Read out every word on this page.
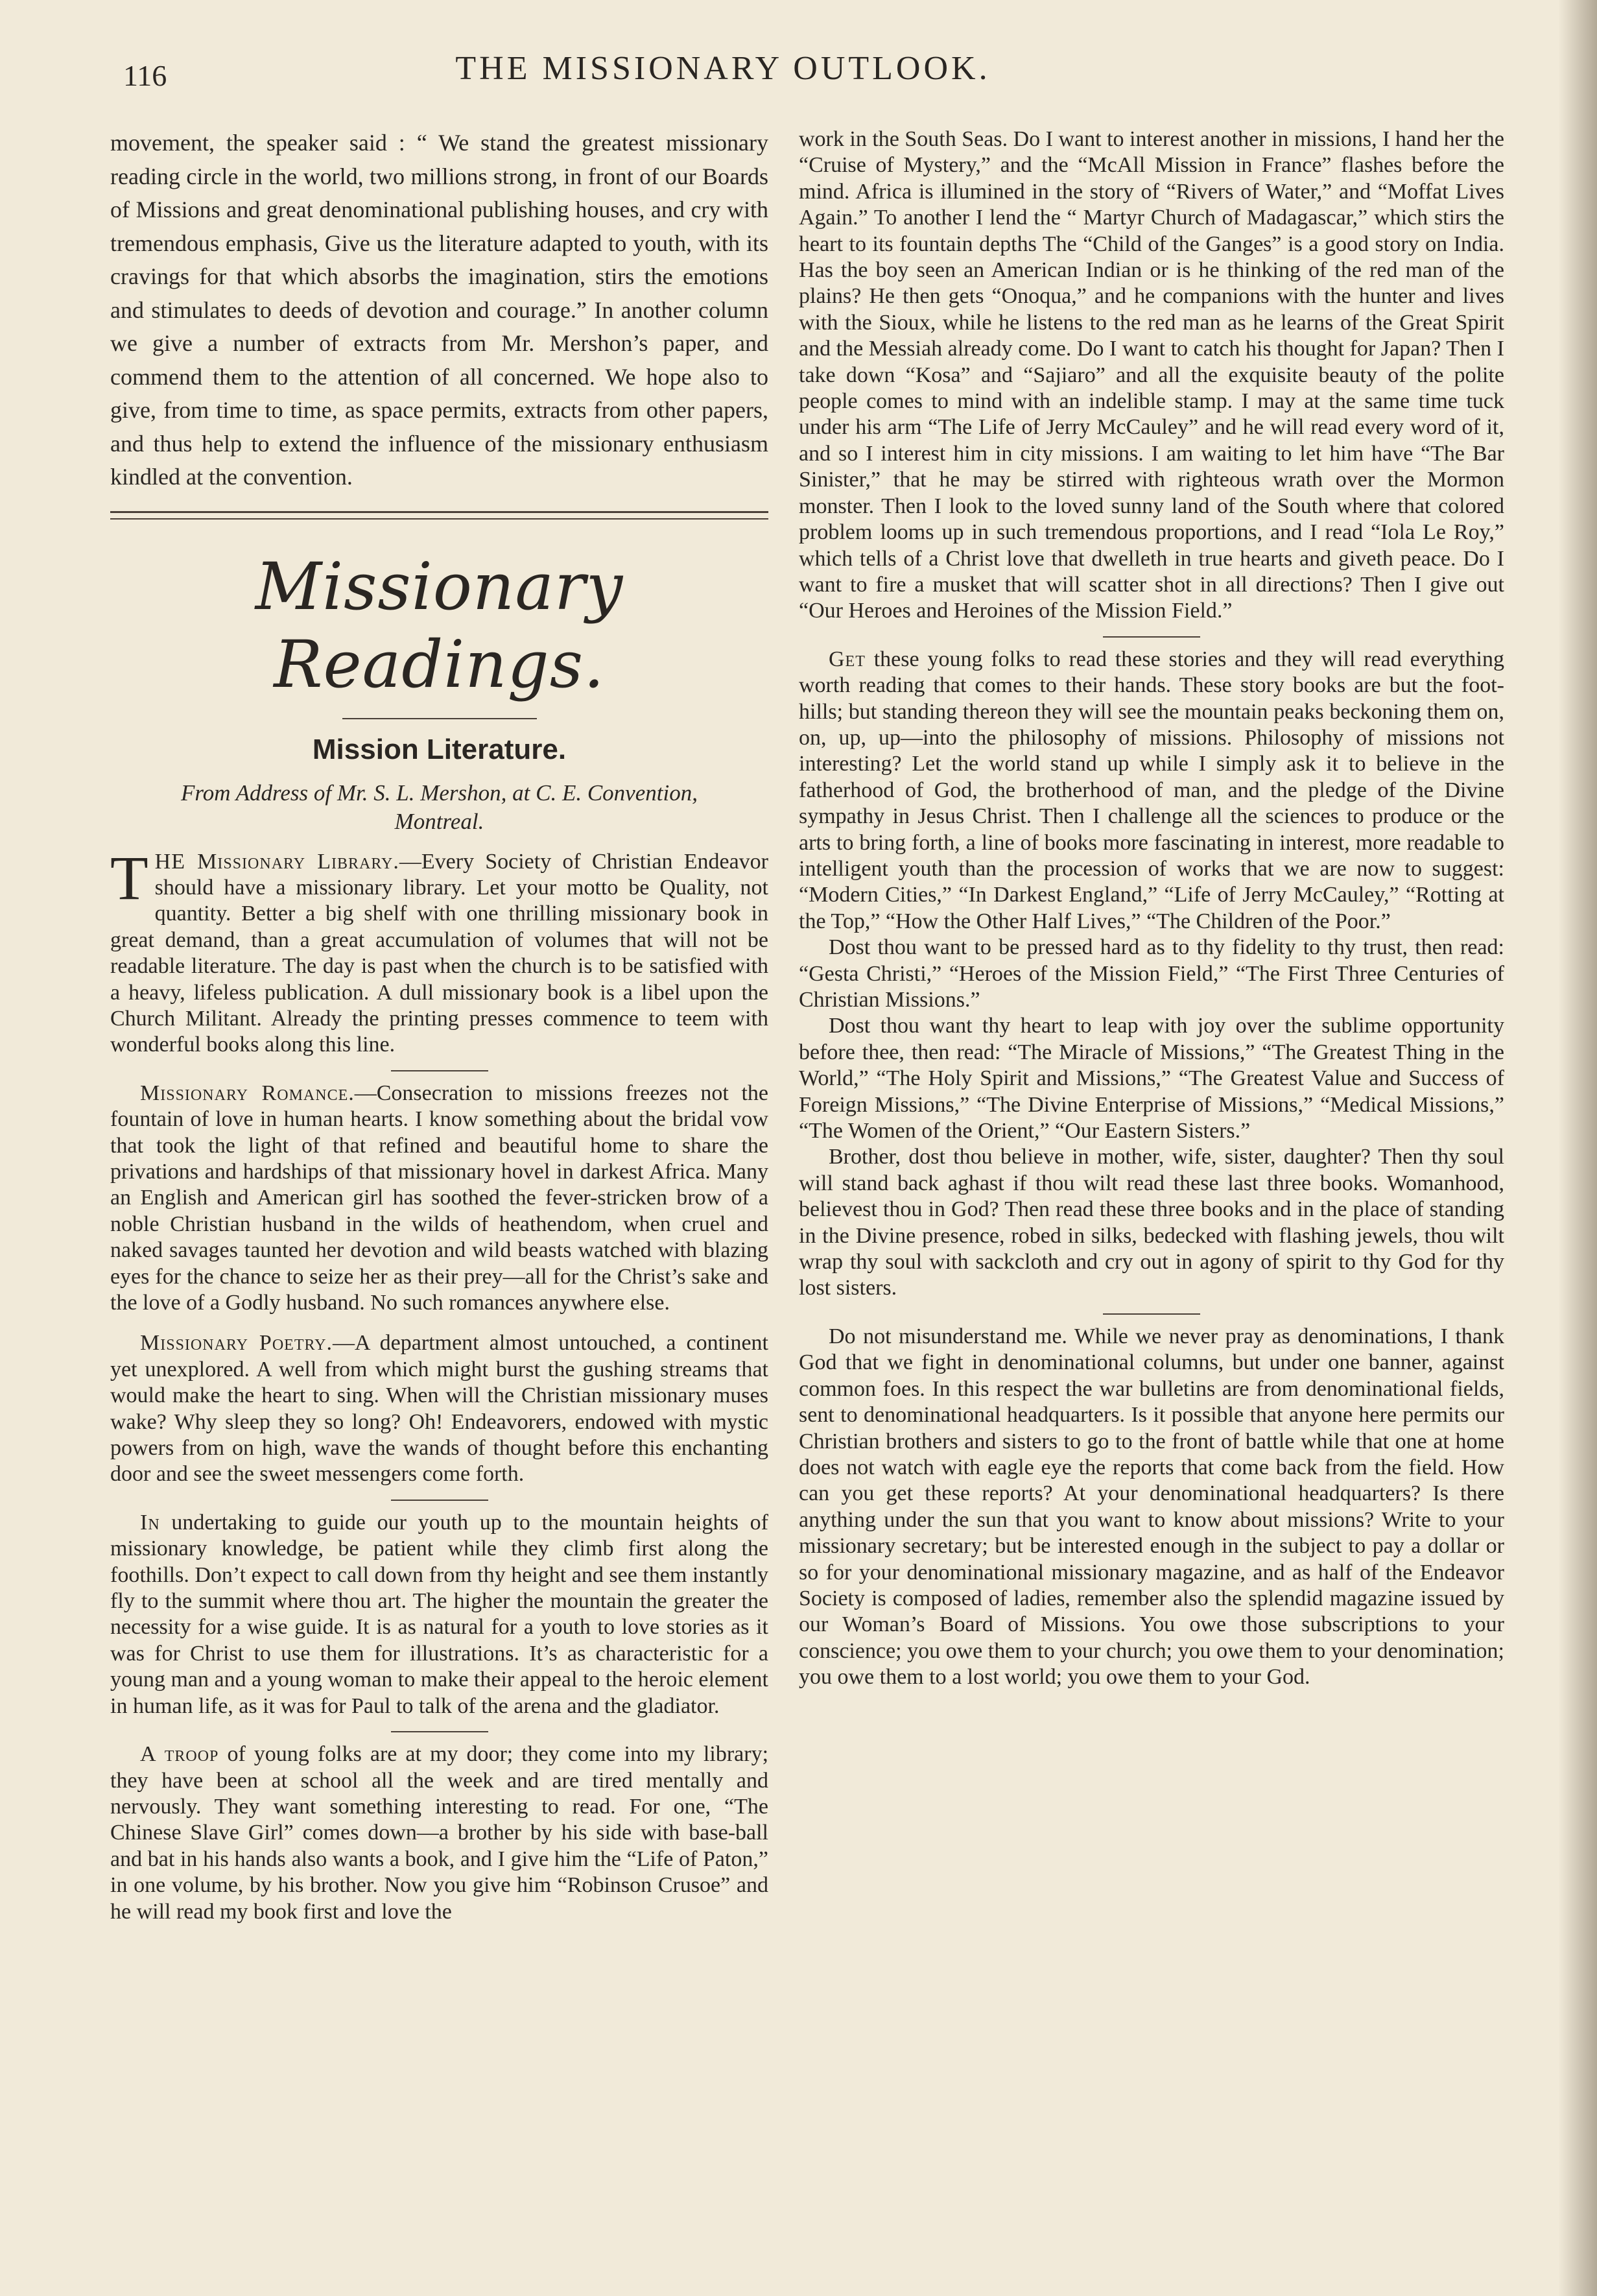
116	THE MISSIONARY OUTLOOK.

movement, the speaker said : “ We stand the greatest missionary reading circle in the world, two millions strong, in front of our Boards of Missions and great denominational publishing houses, and cry with tremendous emphasis, Give us the literature adapted to youth, with its cravings for that which absorbs the imagination, stirs the emotions and stimulates to deeds of devotion and courage.” In another column we give a number of extracts from Mr. Mershon’s paper, and commend them to the attention of all concerned. We hope also to give, from time to time, as space permits, extracts from other papers, and thus help to extend the influence of the missionary enthusiasm kindled at the convention.

Missionary Readings.
Mission Literature.
From Address of Mr. S. L. Mershon, at C. E. Convention,
Montreal.

THE Missionary Library.—Every Society of Christian Endeavor should have a missionary library. Let your motto be Quality, not quantity. Better a big shelf with one thrilling missionary book in great demand, than a great accumulation of volumes that will not be readable literature. The day is past when the church is to be satisfied with a heavy, lifeless publication. A dull missionary book is a libel upon the Church Militant. Already the printing presses commence to teem with wonderful books along this line.

Missionary Romance.—Consecration to missions freezes not the fountain of love in human hearts. I know something about the bridal vow that took the light of that refined and beautiful home to share the privations and hardships of that missionary hovel in darkest Africa. Many an English and American girl has soothed the fever-stricken brow of a noble Christian husband in the wilds of heathendom, when cruel and naked savages taunted her devotion and wild beasts watched with blazing eyes for the chance to seize her as their prey—all for the Christ’s sake and the love of a Godly husband. No such romances anywhere else.

Missionary Poetry.—A department almost untouched, a continent yet unexplored. A well from which might burst the gushing streams that would make the heart to sing. When will the Christian missionary muses wake? Why sleep they so long? Oh! Endeavorers, endowed with mystic powers from on high, wave the wands of thought before this enchanting door and see the sweet messengers come forth.

In undertaking to guide our youth up to the mountain heights of missionary knowledge, be patient while they climb first along the foothills. Don’t expect to call down from thy height and see them instantly fly to the summit where thou art. The higher the mountain the greater the necessity for a wise guide. It is as natural for a youth to love stories as it was for Christ to use them for illustrations. It’s as characteristic for a young man and a young woman to make their appeal to the heroic element in human life, as it was for Paul to talk of the arena and the gladiator.

A troop of young folks are at my door; they come into my library; they have been at school all the week and are tired mentally and nervously. They want something interesting to read. For one, “The Chinese Slave Girl” comes down—a brother by his side with base-ball and bat in his hands also wants a book, and I give him the “Life of Paton,” in one volume, by his brother. Now you give him “Robinson Crusoe” and he will read my book first and love the

work in the South Seas. Do I want to interest another in missions, I hand her the “Cruise of Mystery,” and the “McAll Mission in France” flashes before the mind. Africa is illumined in the story of “Rivers of Water,” and “Moffat Lives Again.” To another I lend the “ Martyr Church of Madagascar,” which stirs the heart to its fountain depths The “Child of the Ganges” is a good story on India. Has the boy seen an American Indian or is he thinking of the red man of the plains? He then gets “Onoqua,” and he companions with the hunter and lives with the Sioux, while he listens to the red man as he learns of the Great Spirit and the Messiah already come. Do I want to catch his thought for Japan? Then I take down “Kosa” and “Sajiaro” and all the exquisite beauty of the polite people comes to mind with an indelible stamp. I may at the same time tuck under his arm “The Life of Jerry McCauley” and he will read every word of it, and so I interest him in city missions. I am waiting to let him have “The Bar Sinister,” that he may be stirred with righteous wrath over the Mormon monster. Then I look to the loved sunny land of the South where that colored problem looms up in such tremendous proportions, and I read “Iola Le Roy,” which tells of a Christ love that dwelleth in true hearts and giveth peace. Do I want to fire a musket that will scatter shot in all directions? Then I give out “Our Heroes and Heroines of the Mission Field.”

Get these young folks to read these stories and they will read everything worth reading that comes to their hands. These story books are but the foot-hills; but standing thereon they will see the mountain peaks beckoning them on, on, up, up—into the philosophy of missions. Philosophy of missions not interesting? Let the world stand up while I simply ask it to believe in the fatherhood of God, the brotherhood of man, and the pledge of the Divine sympathy in Jesus Christ. Then I challenge all the sciences to produce or the arts to bring forth, a line of books more fascinating in interest, more readable to intelligent youth than the procession of works that we are now to suggest: “Modern Cities,” “In Darkest England,” “Life of Jerry McCauley,” “Rotting at the Top,” “How the Other Half Lives,” “The Children of the Poor.”

Dost thou want to be pressed hard as to thy fidelity to thy trust, then read: “Gesta Christi,” “Heroes of the Mission Field,” “The First Three Centuries of Christian Missions.”

Dost thou want thy heart to leap with joy over the sublime opportunity before thee, then read: “The Miracle of Missions,” “The Greatest Thing in the World,” “The Holy Spirit and Missions,” “The Greatest Value and Success of Foreign Missions,” “The Divine Enterprise of Missions,” “Medical Missions,” “The Women of the Orient,” “Our Eastern Sisters.”

Brother, dost thou believe in mother, wife, sister, daughter? Then thy soul will stand back aghast if thou wilt read these last three books. Womanhood, believest thou in God? Then read these three books and in the place of standing in the Divine presence, robed in silks, bedecked with flashing jewels, thou wilt wrap thy soul with sackcloth and cry out in agony of spirit to thy God for thy lost sisters.

Do not misunderstand me. While we never pray as denominations, I thank God that we fight in denominational columns, but under one banner, against common foes. In this respect the war bulletins are from denominational fields, sent to denominational headquarters. Is it possible that anyone here permits our Christian brothers and sisters to go to the front of battle while that one at home does not watch with eagle eye the reports that come back from the field. How can you get these reports? At your denominational headquarters? Is there anything under the sun that you want to know about missions? Write to your missionary secretary; but be interested enough in the subject to pay a dollar or so for your denominational missionary magazine, and as half of the Endeavor Society is composed of ladies, remember also the splendid magazine issued by our Woman’s Board of Missions. You owe those subscriptions to your conscience; you owe them to your church; you owe them to your denomination; you owe them to a lost world; you owe them to your God.
